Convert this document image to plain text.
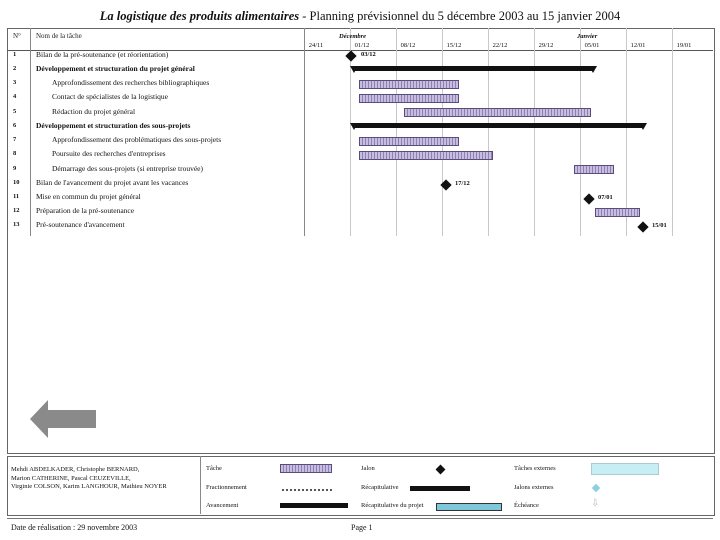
La logistique des produits alimentaires - Planning prévisionnel du 5 décembre 2003 au 15 janvier 2004
N° Nom de la tâche	Décembre	Janvier
24/11	01/12	08/12	15/12	22/12	29/12	05/01	12/01	19/01
1	Bilan de la pré-soutenance (et réorientation)
2	Développement et structuration du projet général
3	Approfondissement des recherches bibliographiques
4	Contact de spécialistes de la logistique
5	Rédaction du projet général
6	Développement et structuration des sous-projets
7	Approfondissement des problématiques des sous-projets
8	Poursuite des recherches d'entreprises
9	Démarrage des sous-projets (si entreprise trouvée)
10	Bilan de l'avancement du projet avant les vacances
11	Mise en commun du projet général
12	Préparation de la pré-soutenance
13	Pré-soutenance d'avancement
03/12
17/12
07/01
15/01
Mehdi ABDELKADER, Christophe BERNARD,
Marion CATHERINE, Pascal CEUZEVILLE,
Virginie COLSON, Karim LANGHOUR, Mathieu NOYER
Tâche
Fractionnement
Avancement
Jalon
Récapitulative
Récapitulative du projet
Tâches externes
Jalons externes
Échéance	⇩
Date de réalisation : 29 novembre 2003	Page 1
